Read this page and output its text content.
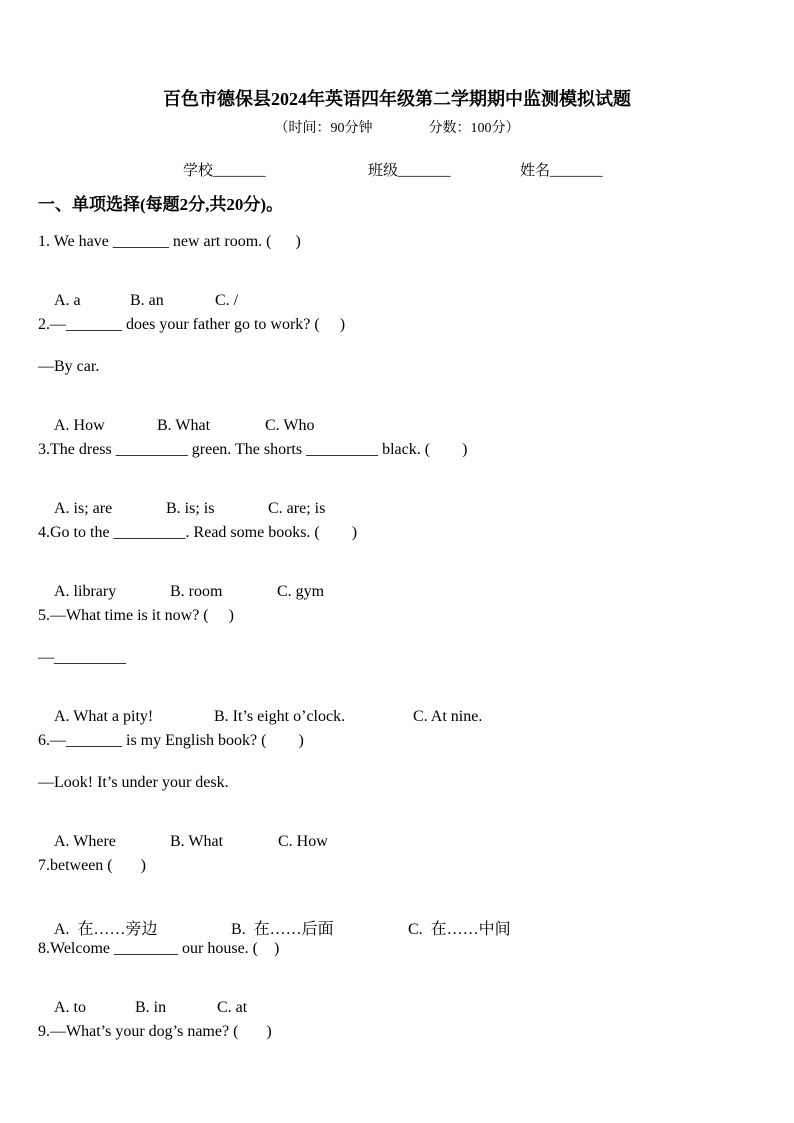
百色市德保县2024年英语四年级第二学期期中监测模拟试题
（时间：90分钟                分数：100分）
学校_______	班级_______	姓名_______
一、单项选择(每题2分,共20分)。
1. We have _______ new art room. (      )

A. a	B. an	C. /

2.—_______ does your father go to work? (     )
—By car.

A. How	B. What	C. Who

3.The dress _________ green. The shorts _________ black. (        )

A. is; are	B. is; is	C. are; is

4.Go to the _________. Read some books. (        )

A. library	B. room	C. gym

5.—What time is it now? (     )
—_________

A. What a pity!	B. It’s eight o’clock.	C. At nine.

6.—_______ is my English book? (        )
—Look! It’s under your desk.

A. Where	B. What	C. How

7.between (       )

A.  在……旁边	B.  在……后面	C.  在……中间

8.Welcome ________ our house. (    )

A. to	B. in	C. at

9.—What’s your dog’s name? (       )
